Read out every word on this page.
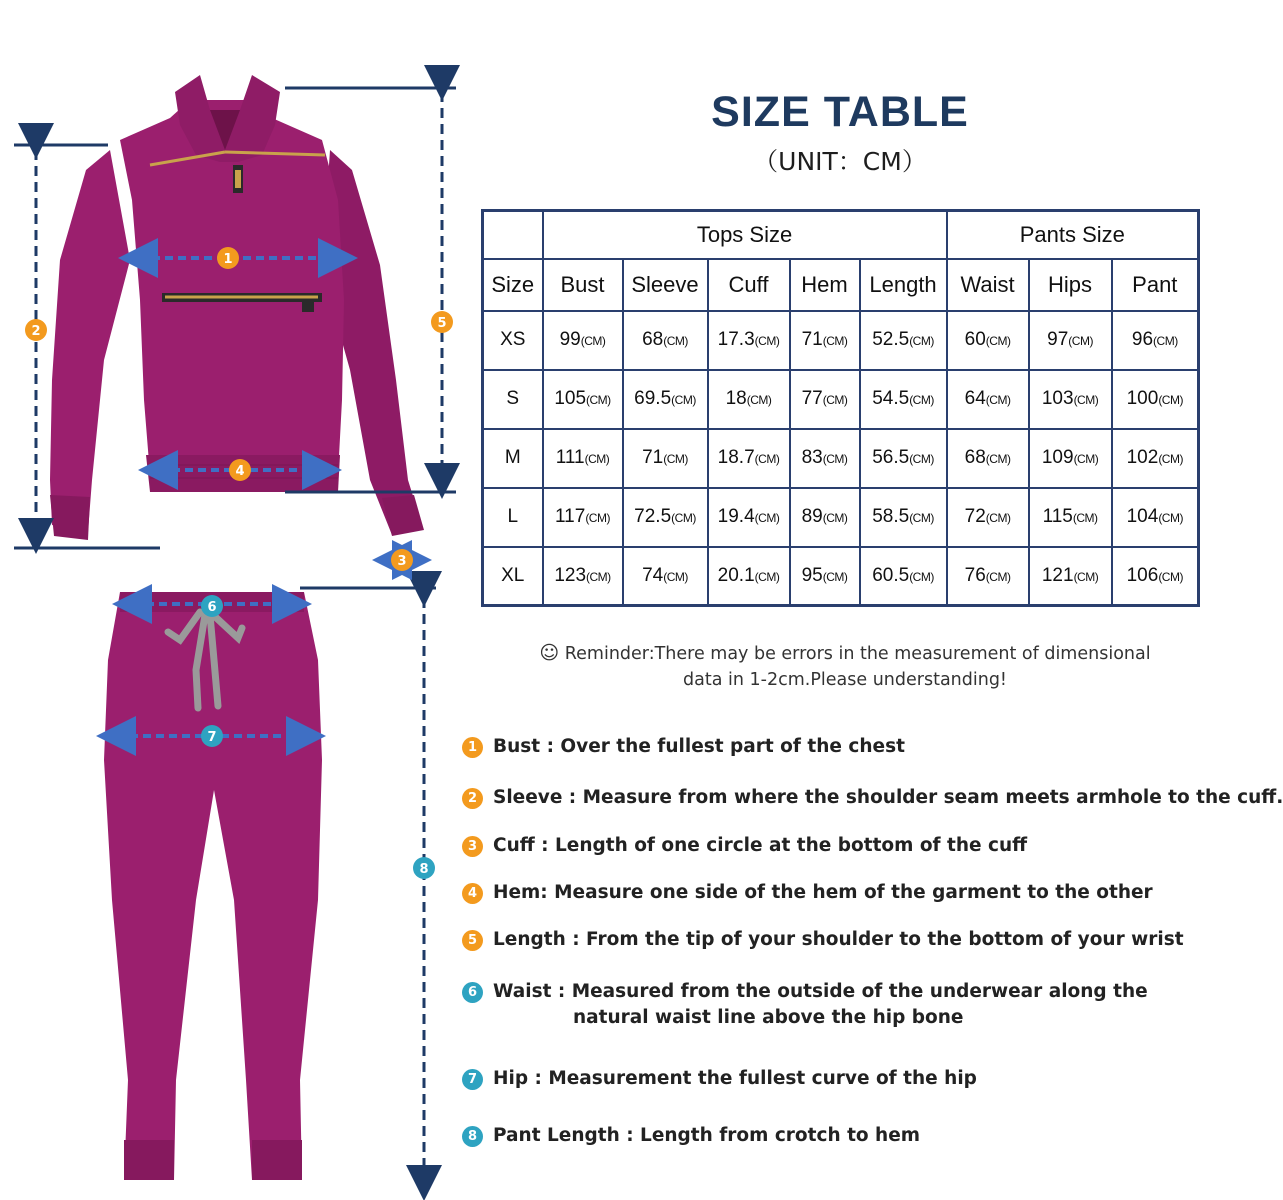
1
2
3
4
5
6
7
8
SIZE TABLE
（UNIT：CM）
	Tops Size					Pants Size		
Size	Bust	Sleeve	Cuff	Hem	Length	Waist	Hips	Pant
XS	99(CM)	68(CM)	17.3(CM)	71(CM)	52.5(CM)	60(CM)	97(CM)	96(CM)
S	105(CM)	69.5(CM)	18(CM)	77(CM)	54.5(CM)	64(CM)	103(CM)	100(CM)
M	111(CM)	71(CM)	18.7(CM)	83(CM)	56.5(CM)	68(CM)	109(CM)	102(CM)
L	117(CM)	72.5(CM)	19.4(CM)	89(CM)	58.5(CM)	72(CM)	115(CM)	104(CM)
XL	123(CM)	74(CM)	20.1(CM)	95(CM)	60.5(CM)	76(CM)	121(CM)	106(CM)
☺ Reminder:There may be errors in the measurement of dimensional
data in 1-2cm.Please understanding!
1 Bust : Over the fullest part of the chest
2 Sleeve : Measure from where the shoulder seam meets armhole to the cuff.
3 Cuff : Length of one circle at the bottom of the cuff
4 Hem: Measure one side of the hem of the garment to the other
5 Length : From the tip of your shoulder to the bottom of your wrist
6 Waist : Measured from the outside of the underwear along the
natural waist line above the hip bone
7 Hip : Measurement the fullest curve of the hip
8 Pant Length : Length from crotch to hem
